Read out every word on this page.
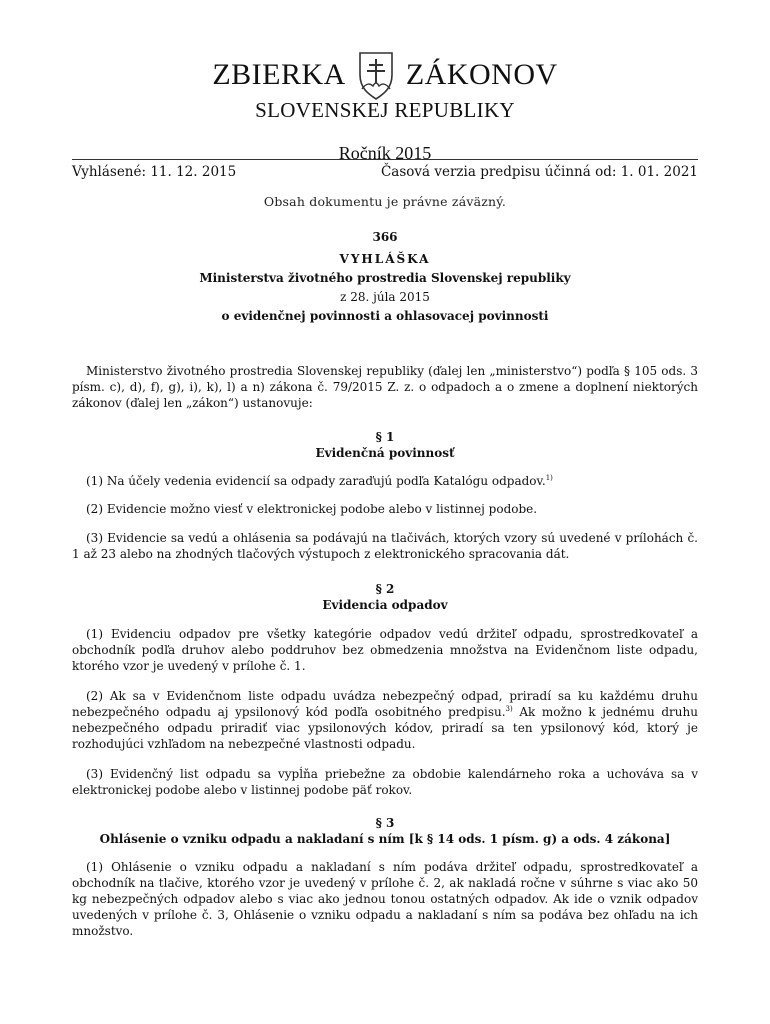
ZBIERKA ZÁKONOV
SLOVENSKEJ REPUBLIKY
Ročník 2015
Vyhlásené: 11. 12. 2015	Časová verzia predpisu účinná od: 1. 01. 2021
Obsah dokumentu je právne záväzný.
366
VYHLÁŠKA
Ministerstva životného prostredia Slovenskej republiky
z 28. júla 2015
o evidenčnej povinnosti a ohlasovacej povinnosti
Ministerstvo životného prostredia Slovenskej republiky (ďalej len „ministerstvo“) podľa § 105 ods. 3 písm. c), d), f), g), i), k), l) a n) zákona č. 79/2015 Z. z. o odpadoch a o zmene a doplnení niektorých zákonov (ďalej len „zákon“) ustanovuje:
§ 1
Evidenčná povinnosť
(1) Na účely vedenia evidencií sa odpady zaraďujú podľa Katalógu odpadov.$^{1)}$
(2) Evidencie možno viesť v elektronickej podobe alebo v listinnej podobe.
(3) Evidencie sa vedú a ohlásenia sa podávajú na tlačivách, ktorých vzory sú uvedené v prílohách č. 1 až 23 alebo na zhodných tlačových výstupoch z elektronického spracovania dát.
§ 2
Evidencia odpadov
(1) Evidenciu odpadov pre všetky kategórie odpadov vedú držiteľ odpadu, sprostredkovateľ a obchodník podľa druhov alebo poddruhov bez obmedzenia množstva na Evidenčnom liste odpadu, ktorého vzor je uvedený v prílohe č. 1.
(2) Ak sa v Evidenčnom liste odpadu uvádza nebezpečný odpad, priradí sa ku každému druhu nebezpečného odpadu aj ypsilonový kód podľa osobitného predpisu.$^{3)}$ Ak možno k jednému druhu nebezpečného odpadu priradiť viac ypsilonových kódov, priradí sa ten ypsilonový kód, ktorý je rozhodujúci vzhľadom na nebezpečné vlastnosti odpadu.
(3) Evidenčný list odpadu sa vypĺňa priebežne za obdobie kalendárneho roka a uchováva sa v elektronickej podobe alebo v listinnej podobe päť rokov.
§ 3
Ohlásenie o vzniku odpadu a nakladaní s ním [k § 14 ods. 1 písm. g) a ods. 4 zákona]
(1) Ohlásenie o vzniku odpadu a nakladaní s ním podáva držiteľ odpadu, sprostredkovateľ a obchodník na tlačive, ktorého vzor je uvedený v prílohe č. 2, ak nakladá ročne v súhrne s viac ako 50 kg nebezpečných odpadov alebo s viac ako jednou tonou ostatných odpadov. Ak ide o vznik odpadov uvedených v prílohe č. 3, Ohlásenie o vzniku odpadu a nakladaní s ním sa podáva bez ohľadu na ich množstvo.
